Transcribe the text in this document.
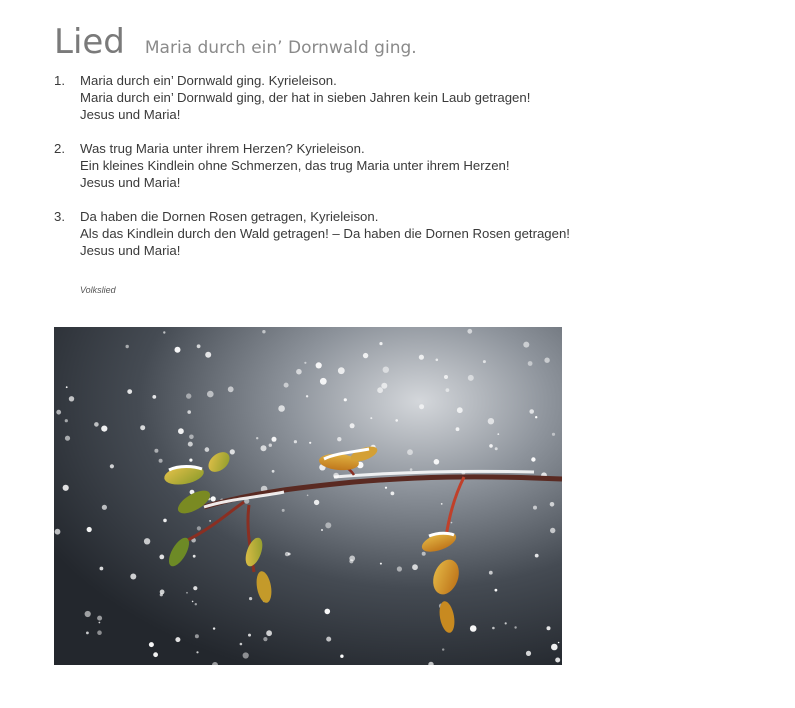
Lied Maria durch ein’ Dornwald ging.
1.	Maria durch ein’ Dornwald ging. Kyrieleison.
Maria durch ein’ Dornwald ging, der hat in sieben Jahren kein Laub getragen!
Jesus und Maria!
2.	Was trug Maria unter ihrem Herzen? Kyrieleison.
Ein kleines Kindlein ohne Schmerzen, das trug Maria unter ihrem Herzen!
Jesus und Maria!
3.	Da haben die Dornen Rosen getragen, Kyrieleison.
Als das Kindlein durch den Wald getragen! – Da haben die Dornen Rosen getragen!
Jesus und Maria!
Volkslied
